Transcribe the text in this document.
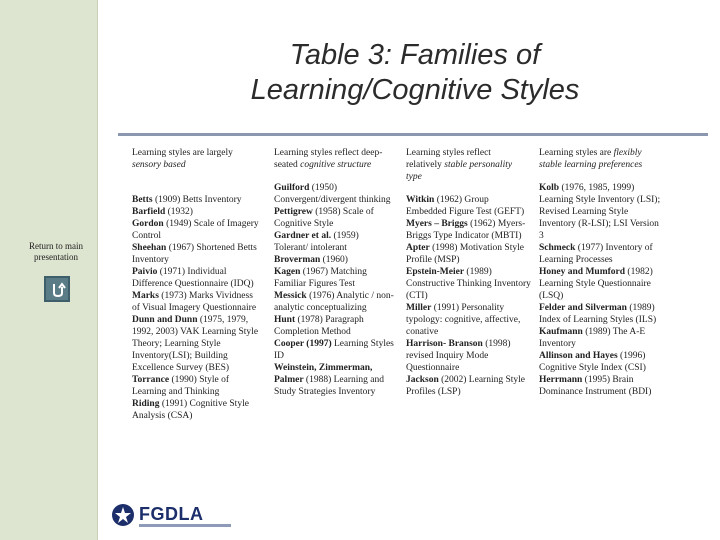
Table 3: Families of
Learning/Cognitive Styles
Return to main presentation
Learning styles are largely sensory based
Learning styles reflect deep-seated cognitive structure
Learning styles reflect relatively stable personality type
Learning styles are flexibly stable learning preferences
Betts (1909) Betts Inventory
Barfield (1932)
Gordon (1949) Scale of Imagery Control
Sheehan (1967) Shortened Betts Inventory
Paivio (1971) Individual Difference Questionnaire (IDQ)
Marks (1973) Marks Vividness of Visual Imagery Questionnaire
Dunn and Dunn (1975, 1979, 1992, 2003) VAK Learning Style Theory; Learning Style Inventory(LSI); Building Excellence Survey (BES)
Torrance (1990) Style of Learning and Thinking
Riding (1991) Cognitive Style Analysis (CSA)

Guilford (1950) Convergent/divergent thinking
Pettigrew (1958) Scale of Cognitive Style
Gardner et al. (1959) Tolerant/ intolerant
Broverman (1960)
Kagen (1967) Matching Familiar Figures Test
Messick (1976) Analytic / non-analytic conceptualizing
Hunt (1978) Paragraph Completion Method
Cooper (1997) Learning Styles ID
Weinstein, Zimmerman, Palmer (1988) Learning and Study Strategies Inventory

Witkin (1962) Group Embedded Figure Test (GEFT)
Myers – Briggs (1962) Myers-Briggs Type Indicator (MBTI)
Apter (1998) Motivation Style Profile (MSP)
Epstein-Meier (1989) Constructive Thinking Inventory (CTI)
Miller (1991) Personality typology: cognitive, affective, conative
Harrison- Branson (1998) revised Inquiry Mode Questionnaire
Jackson (2002) Learning Style Profiles (LSP)

Kolb (1976, 1985, 1999) Learning Style Inventory (LSI); Revised Learning Style Inventory (R-LSI); LSI Version 3
Schmeck (1977) Inventory of Learning Processes
Honey and Mumford (1982) Learning Style Questionnaire (LSQ)
Felder and Silverman (1989) Index of Learning Styles (ILS)
Kaufmann (1989) The A-E Inventory
Allinson and Hayes (1996) Cognitive Style Index (CSI)
Herrmann (1995) Brain Dominance Instrument (BDI)

FGDLA
